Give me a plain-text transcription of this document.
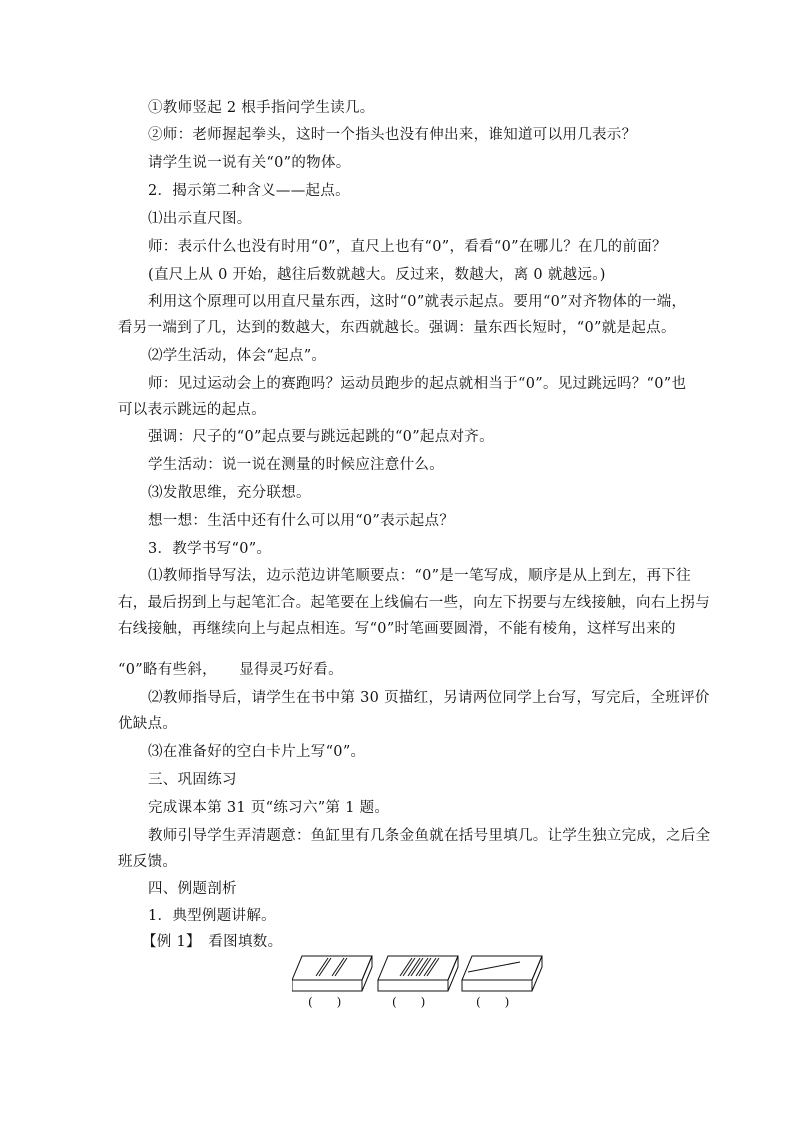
①教师竖起 2 根手指问学生读几。
②师：老师握起拳头，这时一个指头也没有伸出来，谁知道可以用几表示？
请学生说一说有关“0”的物体。
2．揭示第二种含义——起点。
⑴出示直尺图。
师：表示什么也没有时用“0”，直尺上也有“0”，看看“0”在哪儿？在几的前面？
(直尺上从 0 开始，越往后数就越大。反过来，数越大，离 0 就越远。)
利用这个原理可以用直尺量东西，这时“0”就表示起点。要用“0”对齐物体的一端，
看另一端到了几，达到的数越大，东西就越长。强调：量东西长短时，“0”就是起点。
⑵学生活动，体会“起点”。
师：见过运动会上的赛跑吗？运动员跑步的起点就相当于“0”。见过跳远吗？“0”也
可以表示跳远的起点。
强调：尺子的“0”起点要与跳远起跳的“0”起点对齐。
学生活动：说一说在测量的时候应注意什么。
⑶发散思维，充分联想。
想一想：生活中还有什么可以用“0”表示起点？
3．教学书写“0”。
⑴教师指导写法，边示范边讲笔顺要点：“0”是一笔写成，顺序是从上到左，再下往
右，最后拐到上与起笔汇合。起笔要在上线偏右一些，向左下拐要与左线接触，向右上拐与
右线接触，再继续向上与起点相连。写“0”时笔画要圆滑，不能有棱角，这样写出来的
“0”略有些斜，　　显得灵巧好看。
⑵教师指导后，请学生在书中第 30 页描红，另请两位同学上台写，写完后，全班评价
优缺点。
⑶在准备好的空白卡片上写“0”。
三、巩固练习
完成课本第 31 页“练习六”第 1 题。
教师引导学生弄清题意：鱼缸里有几条金鱼就在括号里填几。让学生独立完成，之后全
班反馈。
四、例题剖析
1．典型例题讲解。
【例 1】　看图填数。
(　　)	(　　)	(　　)
